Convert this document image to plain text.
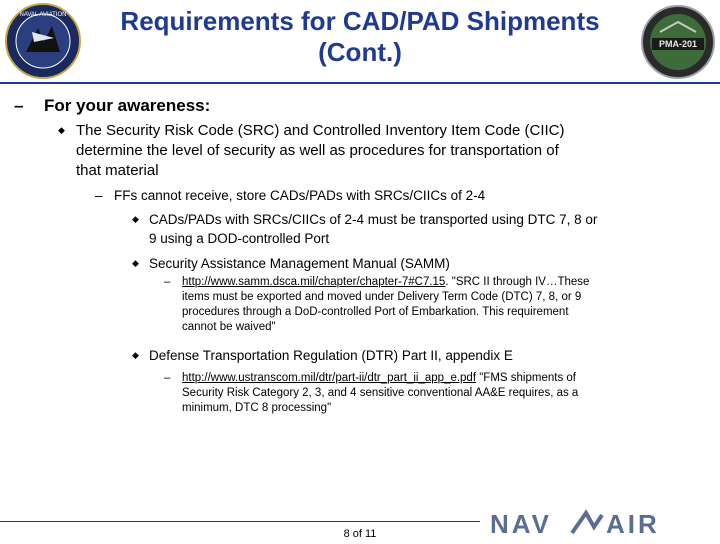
NAVAL AVIATION	Requirements for CAD/PAD Shipments
(Cont.)	PMA-201
– For your awareness:
◆ The Security Risk Code (SRC) and Controlled Inventory Item Code (CIIC)
determine the level of security as well as procedures for transportation of
that material
– FFs cannot receive, store CADs/PADs with SRCs/CIICs of 2-4
◆ CADs/PADs with SRCs/CIICs of 2-4 must be transported using DTC 7, 8 or
9 using a DOD-controlled Port
◆ Security Assistance Management Manual (SAMM)
– http://www.samm.dsca.mil/chapter/chapter-7#C7.15. "SRC II through IV…These
items must be exported and moved under Delivery Term Code (DTC) 7, 8, or 9
procedures through a DoD-controlled Port of Embarkation. This requirement
cannot be waived"
◆ Defense Transportation Regulation (DTR) Part II, appendix E
– http://www.ustranscom.mil/dtr/part-ii/dtr_part_ii_app_e.pdf "FMS shipments of
Security Risk Category 2, 3, and 4 sensitive conventional AA&E requires, as a
minimum, DTC 8 processing"
8 of 11	NAV AIR
